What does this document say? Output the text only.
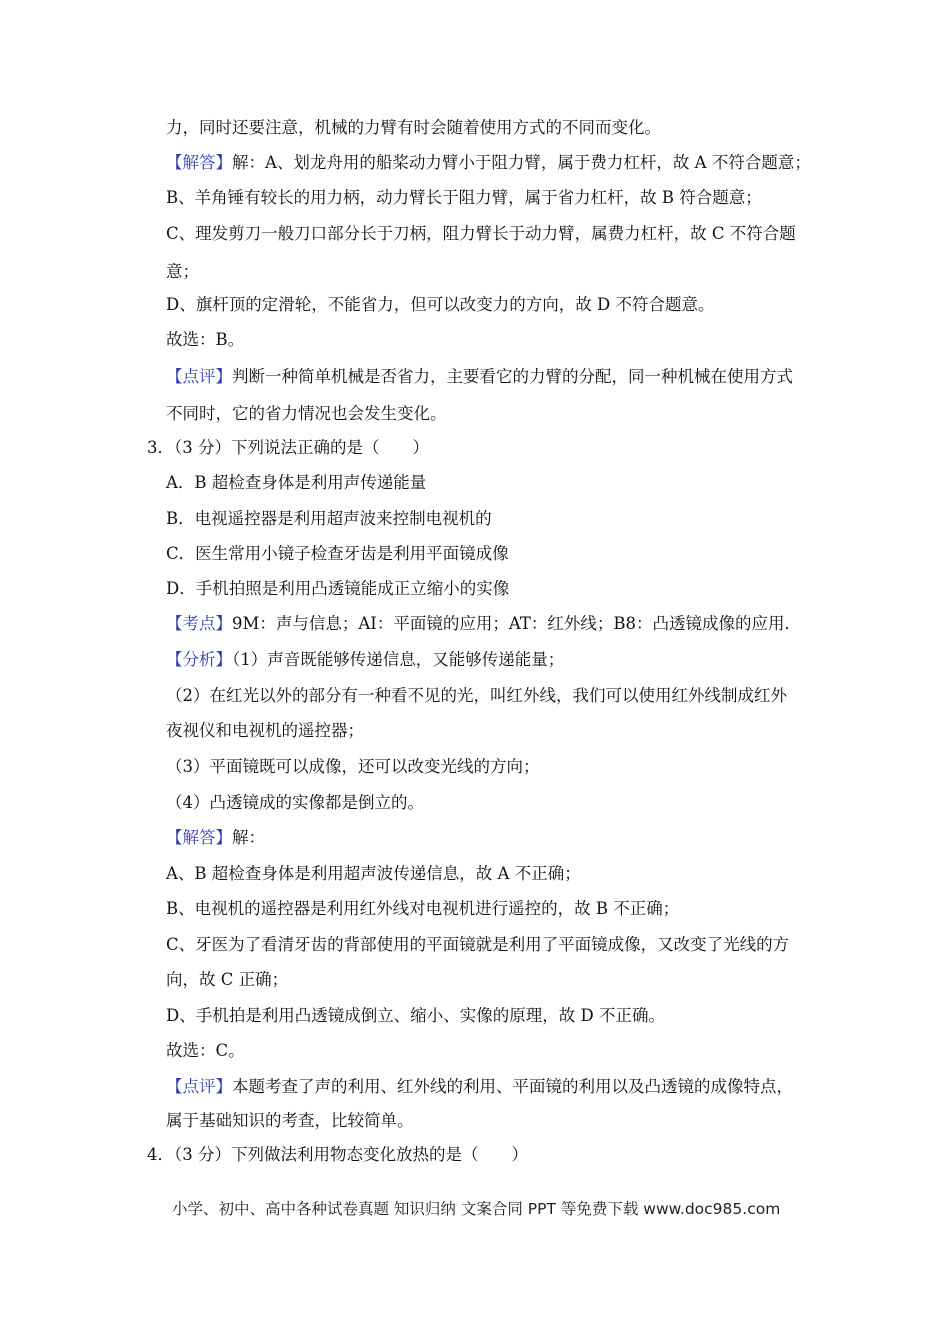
力，同时还要注意，机械的力臂有时会随着使用方式的不同而变化。
【解答】解：A、划龙舟用的船桨动力臂小于阻力臂，属于费力杠杆，故 A 不符合题意；
B、羊角锤有较长的用力柄，动力臂长于阻力臂，属于省力杠杆，故 B 符合题意；
C、理发剪刀一般刀口部分长于刀柄，阻力臂长于动力臂，属费力杠杆，故 C 不符合题
意；
D、旗杆顶的定滑轮，不能省力，但可以改变力的方向，故 D 不符合题意。
故选：B。
【点评】判断一种简单机械是否省力，主要看它的力臂的分配，同一种机械在使用方式
不同时，它的省力情况也会发生变化。
3．（3 分）下列说法正确的是（　　）
A．B 超检查身体是利用声传递能量
B．电视遥控器是利用超声波来控制电视机的
C．医生常用小镜子检查牙齿是利用平面镜成像
D．手机拍照是利用凸透镜能成正立缩小的实像
【考点】9M：声与信息；AI：平面镜的应用；AT：红外线；B8：凸透镜成像的应用．
【分析】（1）声音既能够传递信息，又能够传递能量；
（2）在红光以外的部分有一种看不见的光，叫红外线，我们可以使用红外线制成红外
夜视仪和电视机的遥控器；
（3）平面镜既可以成像，还可以改变光线的方向；
（4）凸透镜成的实像都是倒立的。
【解答】解：
A、B 超检查身体是利用超声波传递信息，故 A 不正确；
B、电视机的遥控器是利用红外线对电视机进行遥控的，故 B 不正确；
C、牙医为了看清牙齿的背部使用的平面镜就是利用了平面镜成像，又改变了光线的方
向，故 C 正确；
D、手机拍是利用凸透镜成倒立、缩小、实像的原理，故 D 不正确。
故选：C。
【点评】本题考查了声的利用、红外线的利用、平面镜的利用以及凸透镜的成像特点，
属于基础知识的考查，比较简单。
4．（3 分）下列做法利用物态变化放热的是（　　）
小学、初中、高中各种试卷真题 知识归纳 文案合同 PPT 等免费下载 www.doc985.com
